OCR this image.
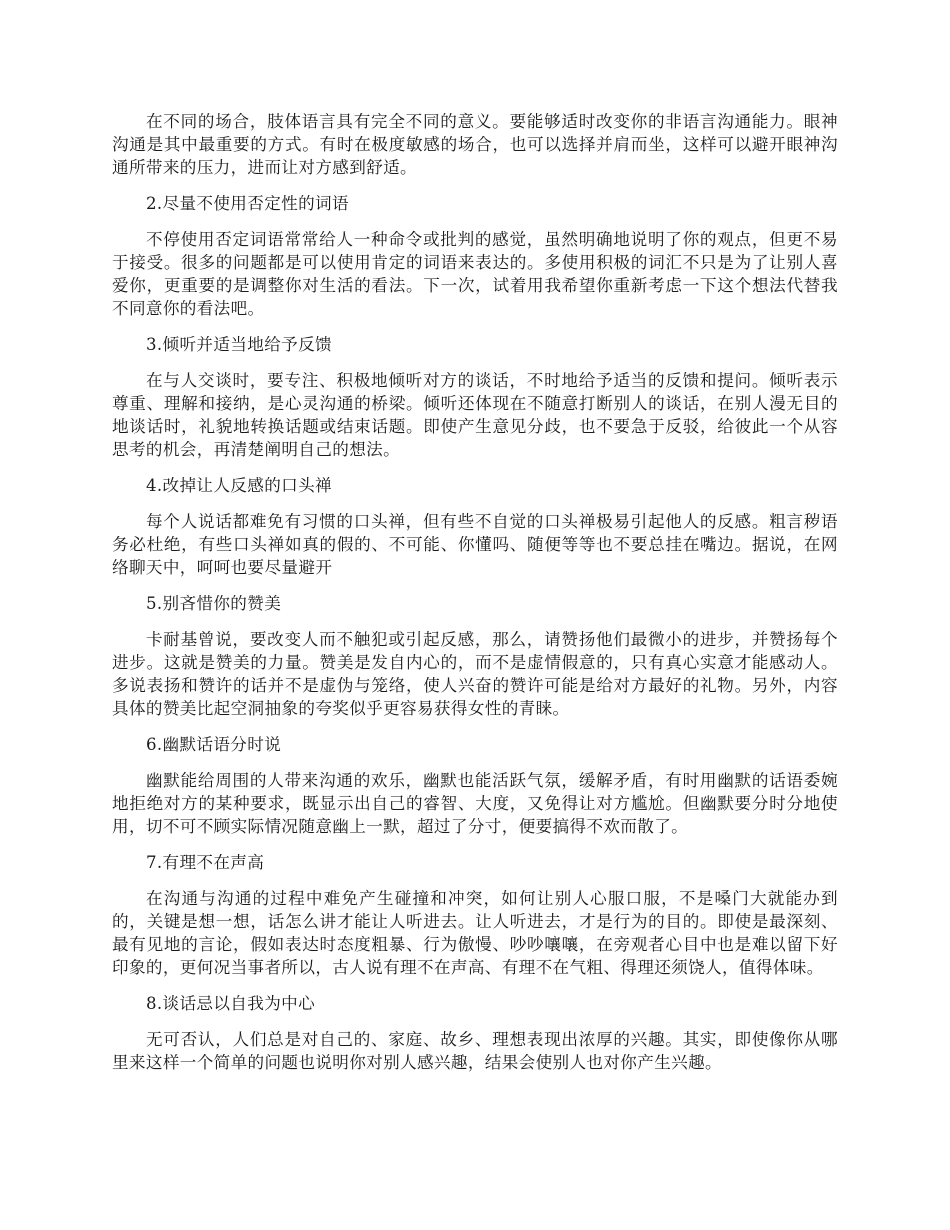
在不同的场合，肢体语言具有完全不同的意义。要能够适时改变你的非语言沟通能力。眼神沟通是其中最重要的方式。有时在极度敏感的场合，也可以选择并肩而坐，这样可以避开眼神沟通所带来的压力，进而让对方感到舒适。

2.尽量不使用否定性的词语

不停使用否定词语常常给人一种命令或批判的感觉，虽然明确地说明了你的观点，但更不易于接受。很多的问题都是可以使用肯定的词语来表达的。多使用积极的词汇不只是为了让别人喜爱你，更重要的是调整你对生活的看法。下一次，试着用我希望你重新考虑一下这个想法代替我不同意你的看法吧。

3.倾听并适当地给予反馈

在与人交谈时，要专注、积极地倾听对方的谈话，不时地给予适当的反馈和提问。倾听表示尊重、理解和接纳，是心灵沟通的桥梁。倾听还体现在不随意打断别人的谈话，在别人漫无目的地谈话时，礼貌地转换话题或结束话题。即使产生意见分歧，也不要急于反驳，给彼此一个从容思考的机会，再清楚阐明自己的想法。

4.改掉让人反感的口头禅

每个人说话都难免有习惯的口头禅，但有些不自觉的口头禅极易引起他人的反感。粗言秽语务必杜绝，有些口头禅如真的假的、不可能、你懂吗、随便等等也不要总挂在嘴边。据说，在网络聊天中，呵呵也要尽量避开

5.别吝惜你的赞美

卡耐基曾说，要改变人而不触犯或引起反感，那么，请赞扬他们最微小的进步，并赞扬每个进步。这就是赞美的力量。赞美是发自内心的，而不是虚情假意的，只有真心实意才能感动人。多说表扬和赞许的话并不是虚伪与笼络，使人兴奋的赞许可能是给对方最好的礼物。另外，内容具体的赞美比起空洞抽象的夸奖似乎更容易获得女性的青睐。

6.幽默话语分时说

幽默能给周围的人带来沟通的欢乐，幽默也能活跃气氛，缓解矛盾，有时用幽默的话语委婉地拒绝对方的某种要求，既显示出自己的睿智、大度，又免得让对方尴尬。但幽默要分时分地使用，切不可不顾实际情况随意幽上一默，超过了分寸，便要搞得不欢而散了。

7.有理不在声高

在沟通与沟通的过程中难免产生碰撞和冲突，如何让别人心服口服，不是嗓门大就能办到的，关键是想一想，话怎么讲才能让人听进去。让人听进去，才是行为的目的。即使是最深刻、最有见地的言论，假如表达时态度粗暴、行为傲慢、吵吵嚷嚷，在旁观者心目中也是难以留下好印象的，更何况当事者所以，古人说有理不在声高、有理不在气粗、得理还须饶人，值得体味。

8.谈话忌以自我为中心

无可否认，人们总是对自己的、家庭、故乡、理想表现出浓厚的兴趣。其实，即使像你从哪里来这样一个简单的问题也说明你对别人感兴趣，结果会使别人也对你产生兴趣。
